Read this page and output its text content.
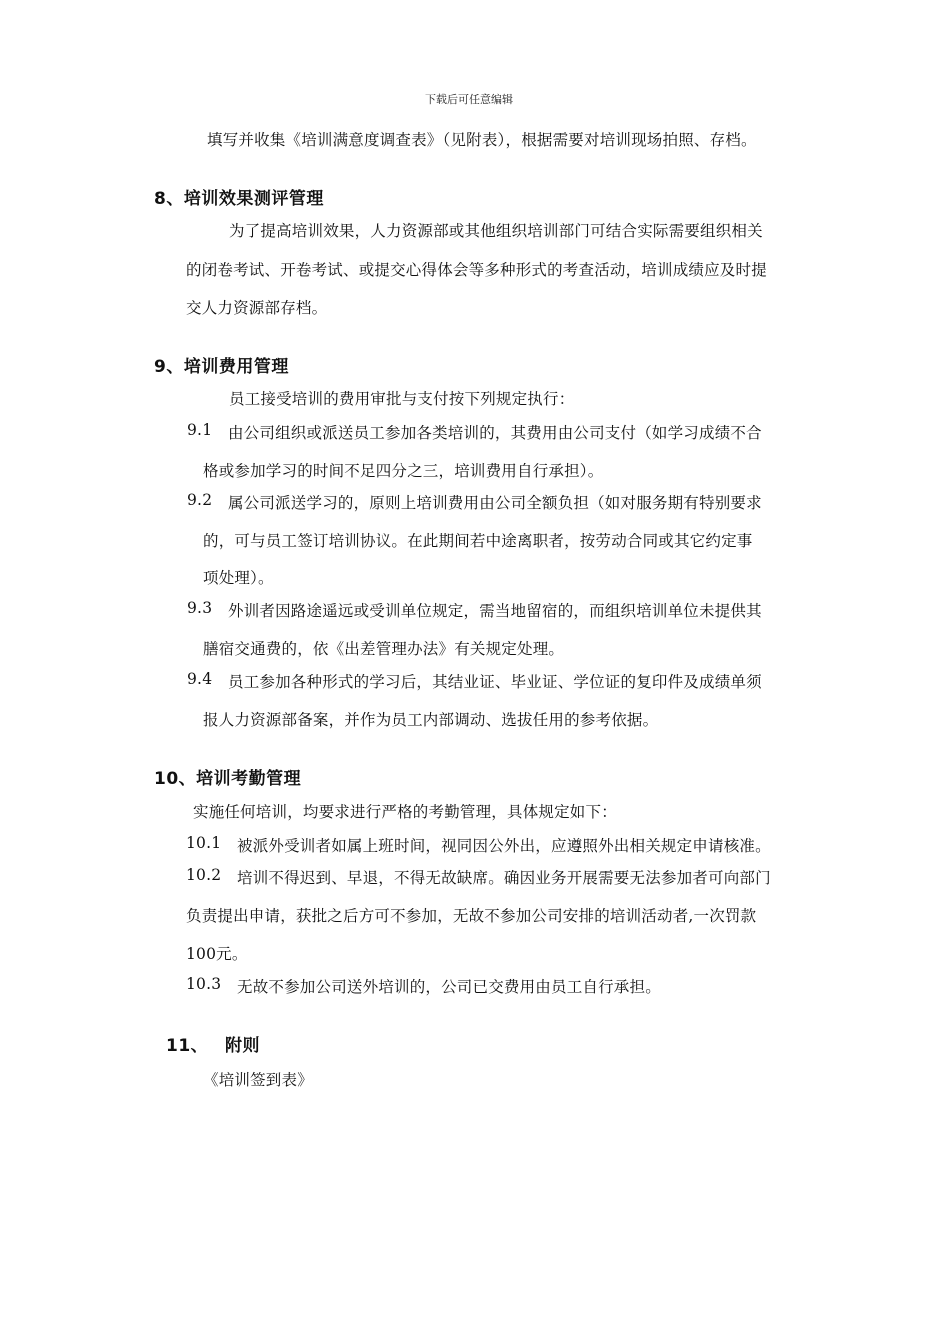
下载后可任意编辑
填写并收集《培训满意度调查表》（见附表），根据需要对培训现场拍照、存档。
8、培训效果测评管理
为了提高培训效果，人力资源部或其他组织培训部门可结合实际需要组织相关
的闭卷考试、开卷考试、或提交心得体会等多种形式的考查活动，培训成绩应及时提
交人力资源部存档。
9、培训费用管理
员工接受培训的费用审批与支付按下列规定执行：
9.1 由公司组织或派送员工参加各类培训的，其费用由公司支付（如学习成绩不合
格或参加学习的时间不足四分之三，培训费用自行承担）。
9.2 属公司派送学习的，原则上培训费用由公司全额负担（如对服务期有特别要求
的，可与员工签订培训协议。在此期间若中途离职者，按劳动合同或其它约定事
项处理）。
9.3 外训者因路途遥远或受训单位规定，需当地留宿的，而组织培训单位未提供其
膳宿交通费的，依《出差管理办法》有关规定处理。
9.4 员工参加各种形式的学习后，其结业证、毕业证、学位证的复印件及成绩单须
报人力资源部备案，并作为员工内部调动、选拔任用的参考依据。
10、培训考勤管理
实施任何培训，均要求进行严格的考勤管理，具体规定如下：
10.1 被派外受训者如属上班时间，视同因公外出，应遵照外出相关规定申请核准。
10.2 培训不得迟到、早退，不得无故缺席。确因业务开展需要无法参加者可向部门
负责提出申请，获批之后方可不参加，无故不参加公司安排的培训活动者,一次罚款
100元。
10.3 无故不参加公司送外培训的，公司已交费用由员工自行承担。
11、 附则
《培训签到表》
